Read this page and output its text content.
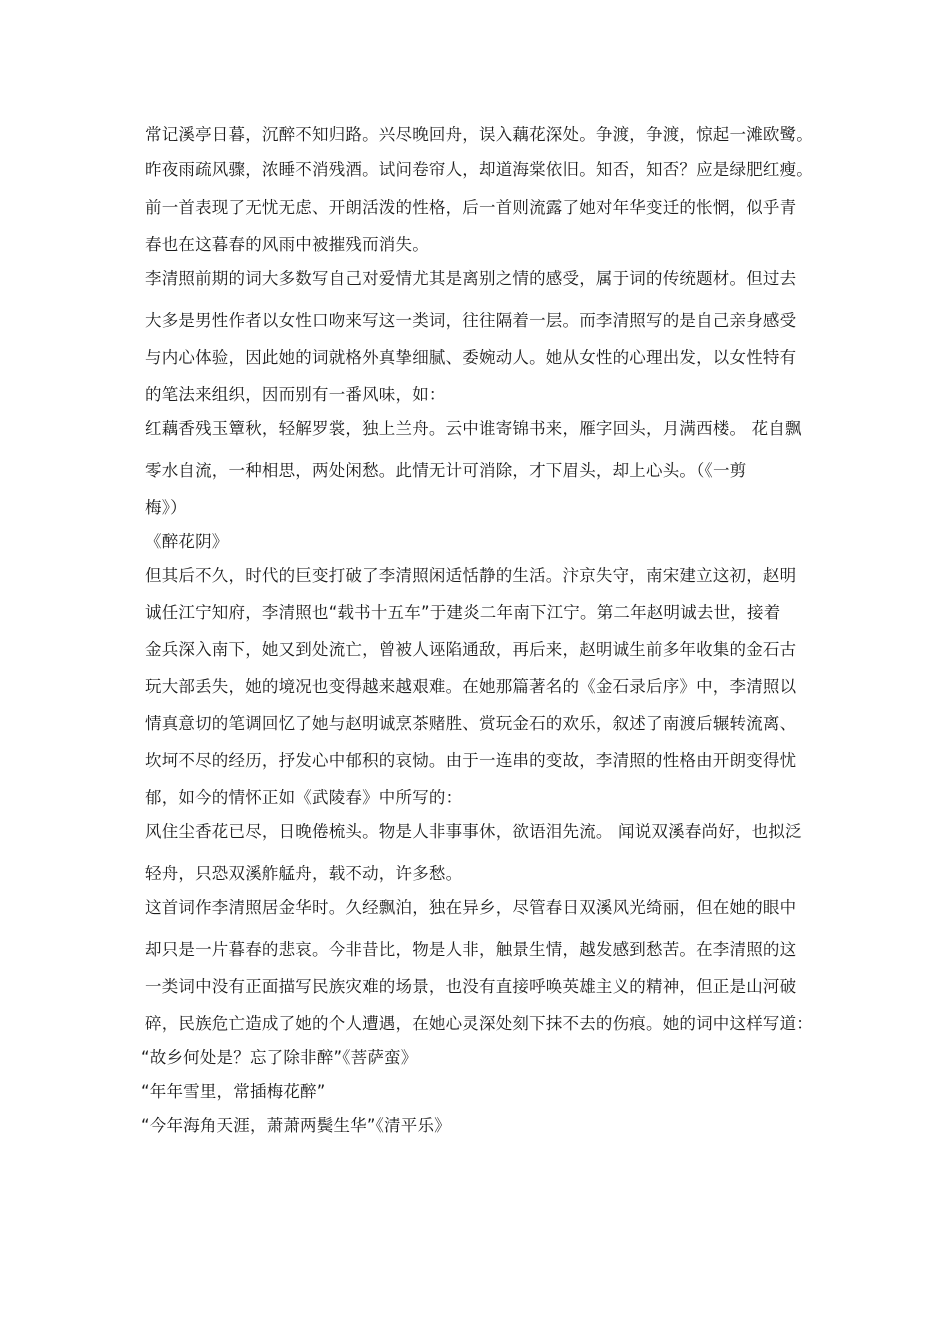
常记溪亭日暮，沉醉不知归路。兴尽晚回舟，误入藕花深处。争渡，争渡，惊起一滩欧鹭。
昨夜雨疏风骤，浓睡不消残酒。试问卷帘人，却道海棠依旧。知否，知否？应是绿肥红瘦。
前一首表现了无忧无虑、开朗活泼的性格，后一首则流露了她对年华变迁的怅惘，似乎青
春也在这暮春的风雨中被摧残而消失。
李清照前期的词大多数写自己对爱情尤其是离别之情的感受，属于词的传统题材。但过去
大多是男性作者以女性口吻来写这一类词，往往隔着一层。而李清照写的是自己亲身感受
与内心体验，因此她的词就格外真挚细腻、委婉动人。她从女性的心理出发，以女性特有
的笔法来组织，因而别有一番风味，如：
红藕香残玉簟秋，轻解罗裳，独上兰舟。云中谁寄锦书来，雁字回头，月满西楼。 花自飘
零水自流，一种相思，两处闲愁。此情无计可消除，才下眉头，却上心头。（《一剪
梅》）
《醉花阴》
但其后不久，时代的巨变打破了李清照闲适恬静的生活。汴京失守，南宋建立这初，赵明
诚任江宁知府，李清照也“载书十五车”于建炎二年南下江宁。第二年赵明诚去世，接着
金兵深入南下，她又到处流亡，曾被人诬陷通敌，再后来，赵明诚生前多年收集的金石古
玩大部丢失，她的境况也变得越来越艰难。在她那篇著名的《金石录后序》中，李清照以
情真意切的笔调回忆了她与赵明诚烹茶赌胜、赏玩金石的欢乐，叙述了南渡后辗转流离、
坎坷不尽的经历，抒发心中郁积的哀恸。由于一连串的变故，李清照的性格由开朗变得忧
郁，如今的情怀正如《武陵春》中所写的：
风住尘香花已尽，日晚倦梳头。物是人非事事休，欲语泪先流。 闻说双溪春尚好，也拟泛
轻舟，只恐双溪舴艋舟，载不动，许多愁。
这首词作李清照居金华时。久经飘泊，独在异乡，尽管春日双溪风光绮丽，但在她的眼中
却只是一片暮春的悲哀。今非昔比，物是人非，触景生情，越发感到愁苦。在李清照的这
一类词中没有正面描写民族灾难的场景，也没有直接呼唤英雄主义的精神，但正是山河破
碎，民族危亡造成了她的个人遭遇，在她心灵深处刻下抹不去的伤痕。她的词中这样写道：
“故乡何处是？忘了除非醉”《菩萨蛮》
“年年雪里，常插梅花醉”
“今年海角天涯，萧萧两鬓生华”《清平乐》
